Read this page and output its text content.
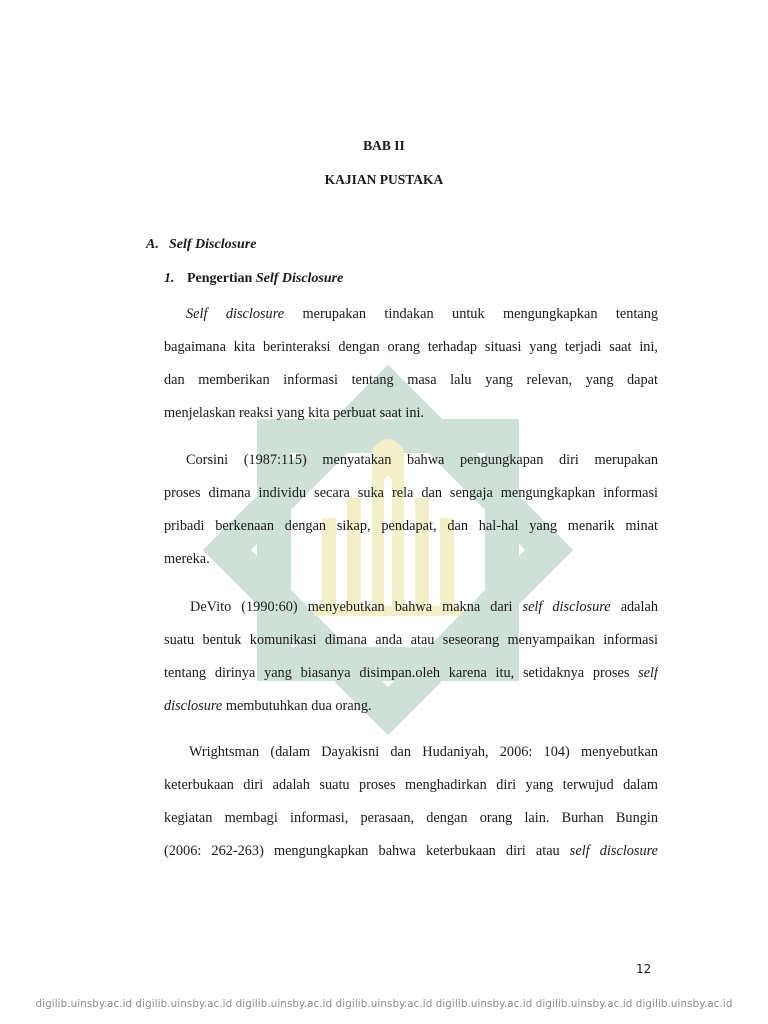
BAB II
KAJIAN PUSTAKA
A. Self Disclosure
1. Pengertian Self Disclosure

Self disclosure merupakan tindakan untuk mengungkapkan tentang
bagaimana kita berinteraksi dengan orang terhadap situasi yang terjadi saat ini,
dan memberikan informasi tentang masa lalu yang relevan, yang dapat
menjelaskan reaksi yang kita perbuat saat ini.

Corsini (1987:115) menyatakan bahwa pengungkapan diri merupakan
proses dimana individu secara suka rela dan sengaja mengungkapkan informasi
pribadi berkenaan dengan sikap, pendapat, dan hal-hal yang menarik minat
mereka.

DeVito (1990:60) menyebutkan bahwa makna dari self disclosure adalah
suatu bentuk komunikasi dimana anda atau seseorang menyampaikan informasi
tentang dirinya yang biasanya disimpan.oleh karena itu, setidaknya proses self
disclosure membutuhkan dua orang.

Wrightsman (dalam Dayakisni dan Hudaniyah, 2006: 104) menyebutkan
keterbukaan diri adalah suatu proses menghadirkan diri yang terwujud dalam
kegiatan membagi informasi, perasaan, dengan orang lain. Burhan Bungin
(2006: 262-263) mengungkapkan bahwa keterbukaan diri atau self disclosure

12
digilib.uinsby.ac.id digilib.uinsby.ac.id digilib.uinsby.ac.id digilib.uinsby.ac.id digilib.uinsby.ac.id digilib.uinsby.ac.id digilib.uinsby.ac.id
